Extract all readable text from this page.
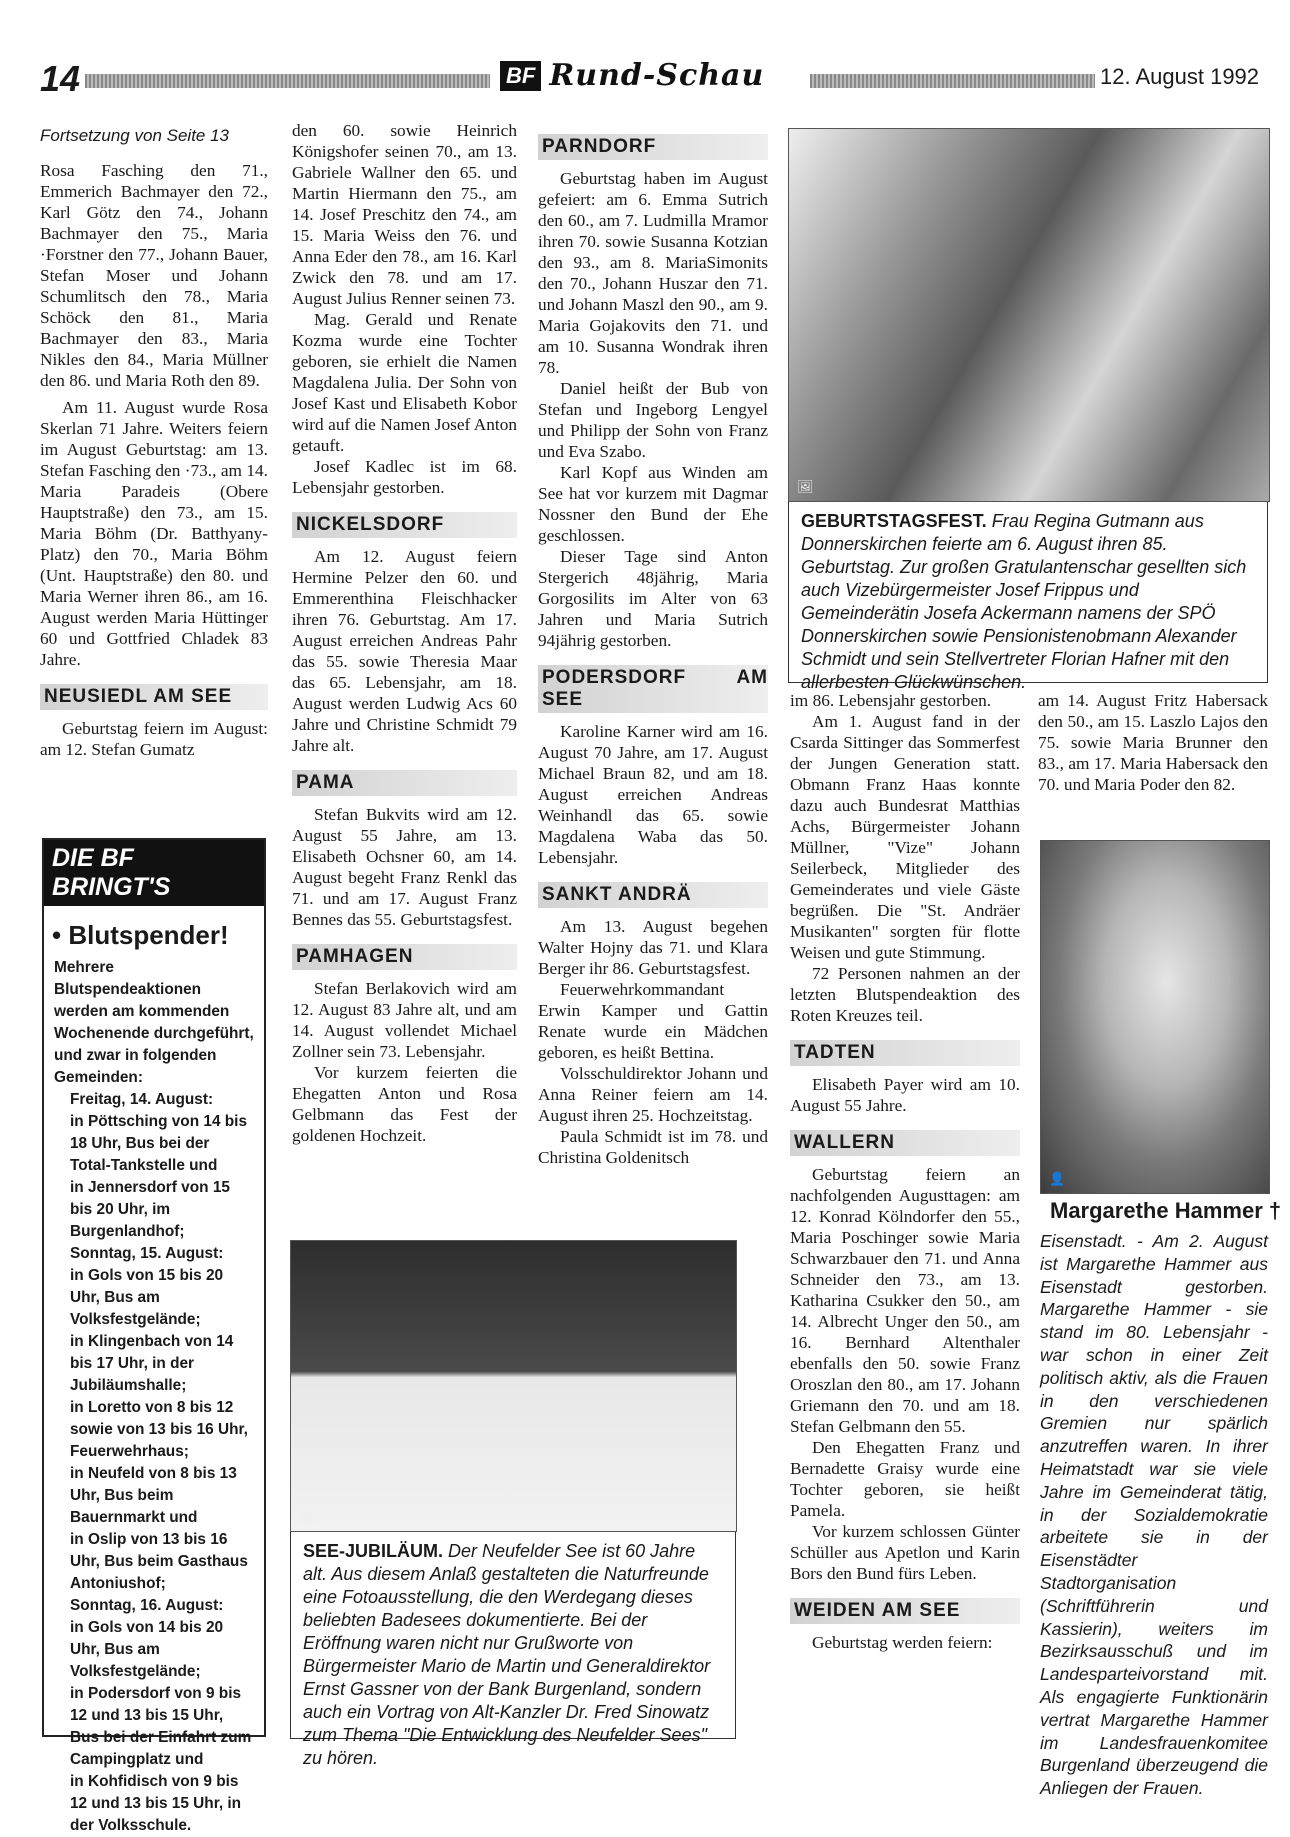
14	BF Rund-Schau	12. August 1992
Fortsetzung von Seite 13

Rosa Fasching den 71., Emmerich Bachmayer den 72., Karl Götz den 74., Johann Bachmayer den 75., Maria ·Forstner den 77., Johann Bauer, Stefan Moser und Johann Schumlitsch den 78., Maria Schöck den 81., Maria Bachmayer den 83., Maria Nikles den 84., Maria Müllner den 86. und Maria Roth den 89.

Am 11. August wurde Rosa Skerlan 71 Jahre. Weiters feiern im August Geburtstag: am 13. Stefan Fasching den ·73., am 14. Maria Paradeis (Obere Hauptstraße) den 73., am 15. Maria Böhm (Dr. Batthyany-Platz) den 70., Maria Böhm (Unt. Hauptstraße) den 80. und Maria Werner ihren 86., am 16. August werden Maria Hüttinger 60 und Gottfried Chladek 83 Jahre.

NEUSIEDL AM SEE

Geburtstag feiern im August: am 12. Stefan Gumatz

DIE BF BRINGT'S
• Blutspender!

Mehrere Blutspendeaktionen werden am kommenden Wochenende durchgeführt, und zwar in folgenden Gemeinden:

Freitag, 14. August:

in Pöttsching von 14 bis 18 Uhr, Bus bei der Total-Tankstelle und

in Jennersdorf von 15 bis 20 Uhr, im Burgenlandhof;

Sonntag, 15. August:

in Gols von 15 bis 20 Uhr, Bus am Volksfestgelände;

in Klingenbach von 14 bis 17 Uhr, in der Jubiläumshalle;

in Loretto von 8 bis 12 sowie von 13 bis 16 Uhr, Feuerwehrhaus;

in Neufeld von 8 bis 13 Uhr, Bus beim Bauernmarkt und

in Oslip von 13 bis 16 Uhr, Bus beim Gasthaus Antoniushof;

Sonntag, 16. August:

in Gols von 14 bis 20 Uhr, Bus am Volksfestgelände;

in Podersdorf von 9 bis 12 und 13 bis 15 Uhr, Bus bei der Einfahrt zum Campingplatz und

in Kohfidisch von 9 bis 12 und 13 bis 15 Uhr, in der Volksschule.

den 60. sowie Heinrich Königshofer seinen 70., am 13. Gabriele Wallner den 65. und Martin Hiermann den 75., am 14. Josef Preschitz den 74., am 15. Maria Weiss den 76. und Anna Eder den 78., am 16. Karl Zwick den 78. und am 17. August Julius Renner seinen 73.

Mag. Gerald und Renate Kozma wurde eine Tochter geboren, sie erhielt die Namen Magdalena Julia. Der Sohn von Josef Kast und Elisabeth Kobor wird auf die Namen Josef Anton getauft.

Josef Kadlec ist im 68. Lebensjahr gestorben.

NICKELSDORF

Am 12. August feiern Hermine Pelzer den 60. und Emmerenthina Fleischhacker ihren 76. Geburtstag. Am 17. August erreichen Andreas Pahr das 55. sowie Theresia Maar das 65. Lebensjahr, am 18. August werden Ludwig Acs 60 Jahre und Christine Schmidt 79 Jahre alt.

PAMA

Stefan Bukvits wird am 12. August 55 Jahre, am 13. Elisabeth Ochsner 60, am 14. August begeht Franz Renkl das 71. und am 17. August Franz Bennes das 55. Geburtstagsfest.

PAMHAGEN

Stefan Berlakovich wird am 12. August 83 Jahre alt, und am 14. August vollendet Michael Zollner sein 73. Lebensjahr.

Vor kurzem feierten die Ehegatten Anton und Rosa Gelbmann das Fest der goldenen Hochzeit.

PARNDORF

Geburtstag haben im August gefeiert: am 6. Emma Sutrich den 60., am 7. Ludmilla Mramor ihren 70. sowie Susanna Kotzian den 93., am 8. MariaSimonits den 70., Johann Huszar den 71. und Johann Maszl den 90., am 9. Maria Gojakovits den 71. und am 10. Susanna Wondrak ihren 78.

Daniel heißt der Bub von Stefan und Ingeborg Lengyel und Philipp der Sohn von Franz und Eva Szabo.

Karl Kopf aus Winden am See hat vor kurzem mit Dagmar Nossner den Bund der Ehe geschlossen.

Dieser Tage sind Anton Stergerich 48jährig, Maria Gorgosilits im Alter von 63 Jahren und Maria Sutrich 94jährig gestorben.

PODERSDORF AM SEE

Karoline Karner wird am 16. August 70 Jahre, am 17. August Michael Braun 82, und am 18. August erreichen Andreas Weinhandl das 65. sowie Magdalena Waba das 50. Lebensjahr.

SANKT ANDRÄ

Am 13. August begehen Walter Hojny das 71. und Klara Berger ihr 86. Geburtstagsfest.

Feuerwehrkommandant Erwin Kamper und Gattin Renate wurde ein Mädchen geboren, es heißt Bettina.

Volsschuldirektor Johann und Anna Reiner feiern am 14. August ihren 25. Hochzeitstag.

Paula Schmidt ist im 78. und Christina Goldenitsch

🖼
GEBURTSTAGSFEST. Frau Regina Gutmann aus Donnerskirchen feierte am 6. August ihren 85. Geburtstag. Zur großen Gratulantenschar gesellten sich auch Vizebürgermeister Josef Frippus und Gemeinderätin Josefa Ackermann namens der SPÖ Donnerskirchen sowie Pensionistenobmann Alexander Schmidt und sein Stellvertreter Florian Hafner mit den allerbesten Glückwünschen.

im 86. Lebensjahr gestorben.

Am 1. August fand in der Csarda Sittinger das Sommerfest der Jungen Generation statt. Obmann Franz Haas konnte dazu auch Bundesrat Matthias Achs, Bürgermeister Johann Müllner, "Vize" Johann Seilerbeck, Mitglieder des Gemeinderates und viele Gäste begrüßen. Die "St. Andräer Musikanten" sorgten für flotte Weisen und gute Stimmung.

72 Personen nahmen an der letzten Blutspendeaktion des Roten Kreuzes teil.

TADTEN

Elisabeth Payer wird am 10. August 55 Jahre.

WALLERN

Geburtstag feiern an nachfolgenden Augusttagen: am 12. Konrad Kölndorfer den 55., Maria Poschinger sowie Maria Schwarzbauer den 71. und Anna Schneider den 73., am 13. Katharina Csukker den 50., am 14. Albrecht Unger den 50., am 16. Bernhard Altenthaler ebenfalls den 50. sowie Franz Oroszlan den 80., am 17. Johann Griemann den 70. und am 18. Stefan Gelbmann den 55.

Den Ehegatten Franz und Bernadette Graisy wurde eine Tochter geboren, sie heißt Pamela.

Vor kurzem schlossen Günter Schüller aus Apetlon und Karin Bors den Bund fürs Leben.

WEIDEN AM SEE

Geburtstag werden feiern:

am 14. August Fritz Habersack den 50., am 15. Laszlo Lajos den 75. sowie Maria Brunner den 83., am 17. Maria Habersack den 70. und Maria Poder den 82.

👤
Margarethe Hammer †
Eisenstadt. - Am 2. August ist Margarethe Hammer aus Eisenstadt gestorben. Margarethe Hammer - sie stand im 80. Lebensjahr - war schon in einer Zeit politisch aktiv, als die Frauen in den verschiedenen Gremien nur spärlich anzutreffen waren. In ihrer Heimatstadt war sie viele Jahre im Gemeinderat tätig, in der Sozialdemokratie arbeitete sie in der Eisenstädter Stadtorganisation (Schriftführerin und Kassierin), weiters im Bezirksausschuß und im Landesparteivorstand mit. Als engagierte Funktionärin vertrat Margarethe Hammer im Landesfrauenkomitee Burgenland überzeugend die Anliegen der Frauen.
🖼
SEE-JUBILÄUM. Der Neufelder See ist 60 Jahre alt. Aus diesem Anlaß gestalteten die Naturfreunde eine Fotoausstellung, die den Werdegang dieses beliebten Badesees dokumentierte. Bei der Eröffnung waren nicht nur Grußworte von Bürgermeister Mario de Martin und Generaldirektor Ernst Gassner von der Bank Burgenland, sondern auch ein Vortrag von Alt-Kanzler Dr. Fred Sinowatz zum Thema "Die Entwicklung des Neufelder Sees" zu hören.
